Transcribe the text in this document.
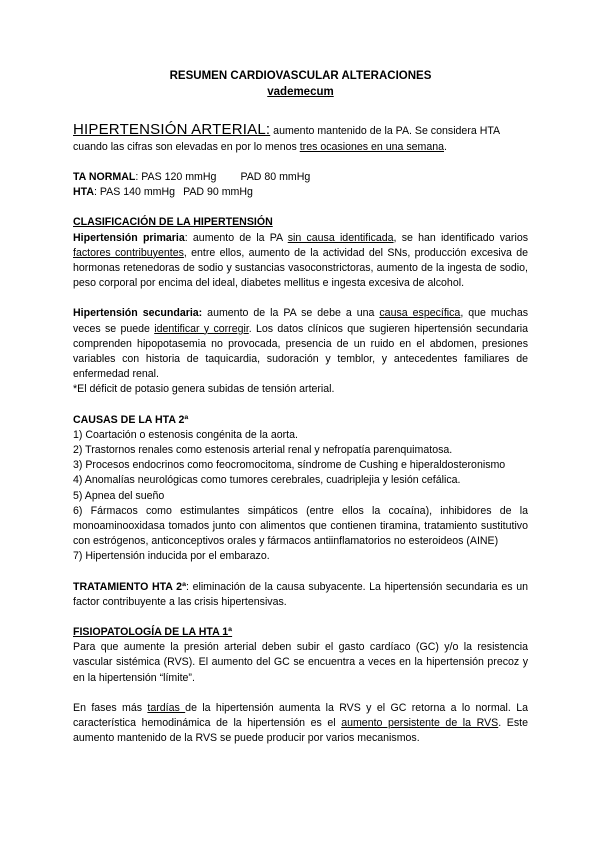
RESUMEN CARDIOVASCULAR ALTERACIONES
vademecum

HIPERTENSIÓN ARTERIAL: aumento mantenido de la PA. Se considera HTA cuando las cifras son elevadas en por lo menos tres ocasiones en una semana.

TA NORMAL: PAS 120 mmHg PAD 80 mmHg

HTA: PAS 140 mmHg PAD 90 mmHg

CLASIFICACIÓN DE LA HIPERTENSIÓN

Hipertensión primaria: aumento de la PA sin causa identificada, se han identificado varios factores contribuyentes, entre ellos, aumento de la actividad del SNs, producción excesiva de hormonas retenedoras de sodio y sustancias vasoconstrictoras, aumento de la ingesta de sodio, peso corporal por encima del ideal, diabetes mellitus e ingesta excesiva de alcohol.

Hipertensión secundaria: aumento de la PA se debe a una causa específica, que muchas veces se puede identificar y corregir. Los datos clínicos que sugieren hipertensión secundaria comprenden hipopotasemia no provocada, presencia de un ruido en el abdomen, presiones variables con historia de taquicardia, sudoración y temblor, y antecedentes familiares de enfermedad renal.

*El déficit de potasio genera subidas de tensión arterial.

CAUSAS DE LA HTA 2ª

1) Coartación o estenosis congénita de la aorta.

2) Trastornos renales como estenosis arterial renal y nefropatía parenquimatosa.

3) Procesos endocrinos como feocromocitoma, síndrome de Cushing e hiperaldosteronismo

4) Anomalías neurológicas como tumores cerebrales, cuadriplejia y lesión cefálica.

5) Apnea del sueño

6) Fármacos como estimulantes simpáticos (entre ellos la cocaína), inhibidores de la monoaminooxidasa tomados junto con alimentos que contienen tiramina, tratamiento sustitutivo con estrógenos, anticonceptivos orales y fármacos antiinflamatorios no esteroideos (AINE)

7) Hipertensión inducida por el embarazo.

TRATAMIENTO HTA 2ª: eliminación de la causa subyacente. La hipertensión secundaria es un factor contribuyente a las crisis hipertensivas.

FISIOPATOLOGÍA DE LA HTA 1ª

Para que aumente la presión arterial deben subir el gasto cardíaco (GC) y/o la resistencia vascular sistémica (RVS). El aumento del GC se encuentra a veces en la hipertensión precoz y en la hipertensión “límite”.

En fases más tardías de la hipertensión aumenta la RVS y el GC retorna a lo normal. La característica hemodinámica de la hipertensión es el aumento persistente de la RVS. Este aumento mantenido de la RVS se puede producir por varios mecanismos.
